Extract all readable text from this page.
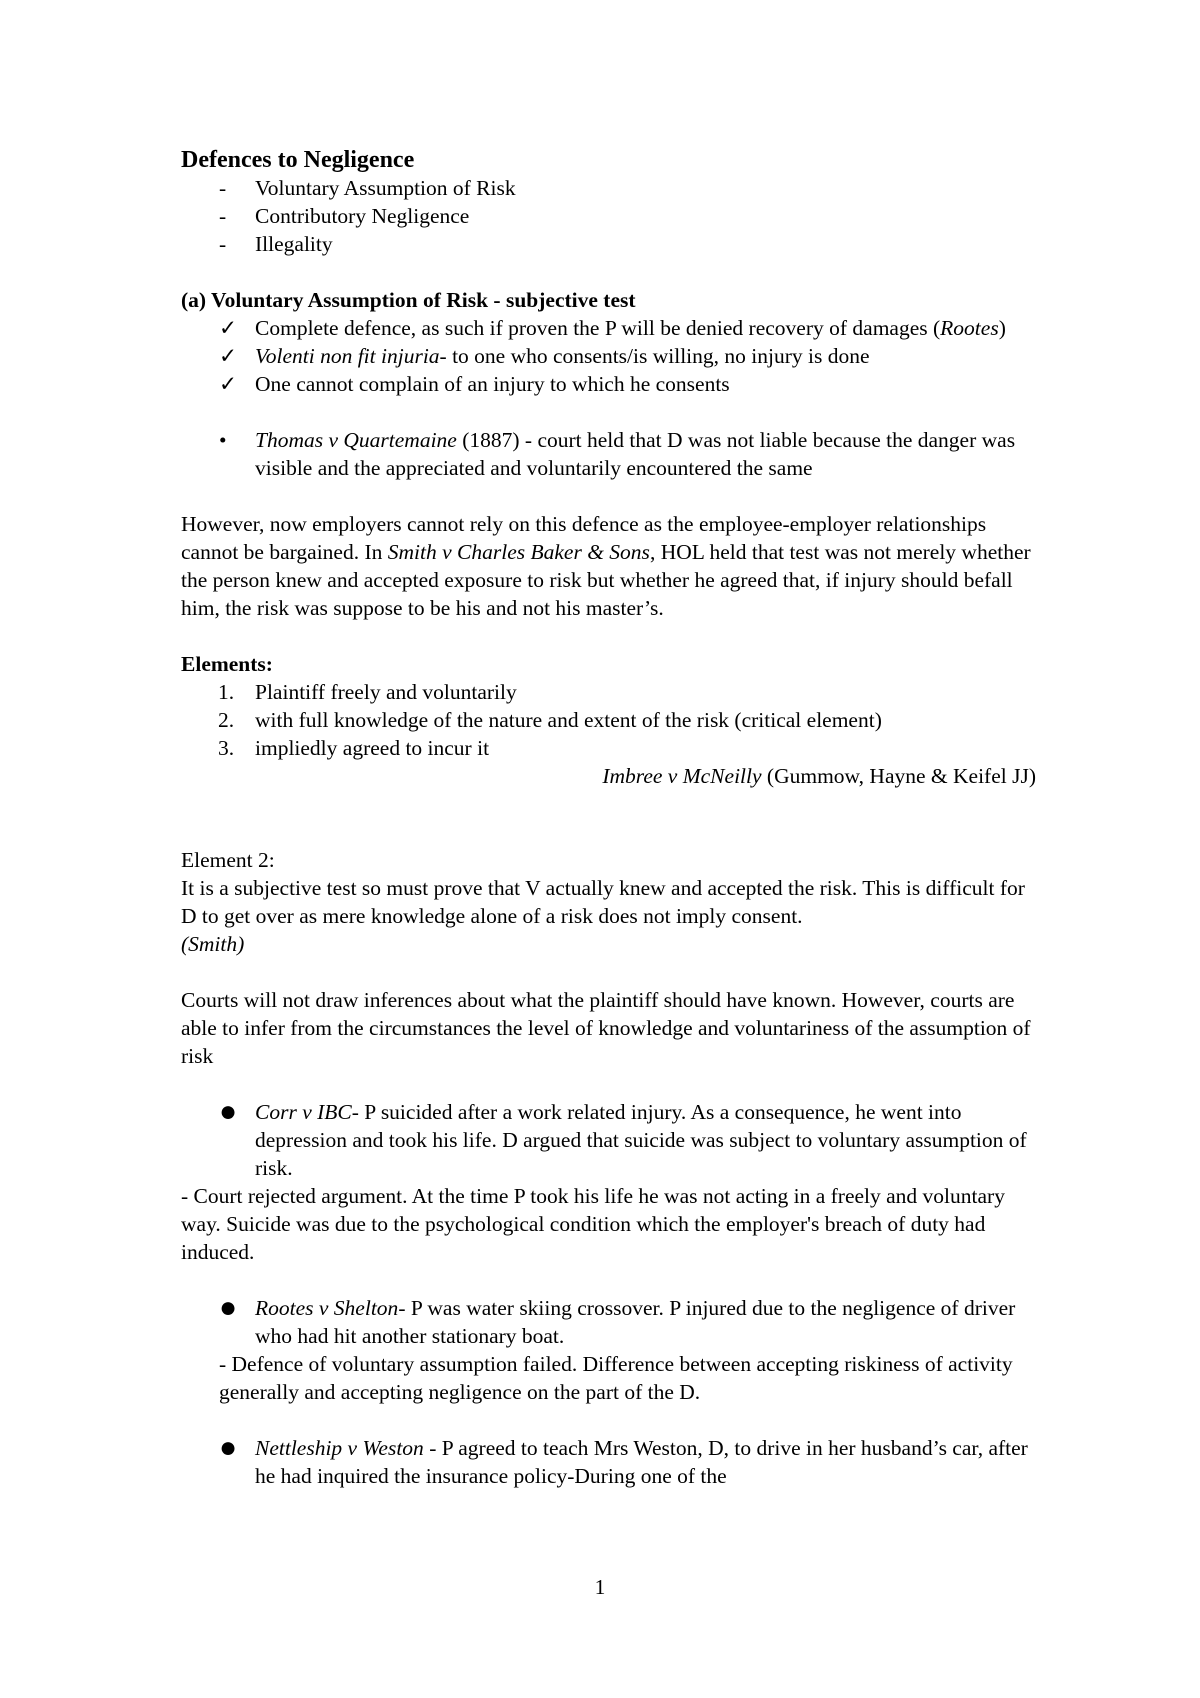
Defences to Negligence

-	Voluntary Assumption of Risk
-	Contributory Negligence
-	Illegality

(a) Voluntary Assumption of Risk - subjective test

✓ Complete defence, as such if proven the P will be denied recovery of damages (Rootes)
✓ Volenti non fit injuria- to one who consents/is willing, no injury is done
✓ One cannot complain of an injury to which he consents
•	Thomas v Quartemaine (1887) - court held that D was not liable because the danger was visible and the appreciated and voluntarily encountered the same

However, now employers cannot rely on this defence as the employee-employer relationships cannot be bargained. In Smith v Charles Baker & Sons, HOL held that test was not merely whether the person knew and accepted exposure to risk but whether he agreed that, if injury should befall him, the risk was suppose to be his and not his master’s.

Elements:

1. Plaintiff freely and voluntarily
2. with full knowledge of the nature and extent of the risk (critical element)
3. impliedly agreed to incur it

Imbree v McNeilly (Gummow, Hayne & Keifel JJ)

Element 2:

It is a subjective test so must prove that V actually knew and accepted the risk. This is difficult for D to get over as mere knowledge alone of a risk does not imply consent.

(Smith)

Courts will not draw inferences about what the plaintiff should have known. However, courts are able to infer from the circumstances the level of knowledge and voluntariness of the assumption of risk

● Corr v IBC- P suicided after a work related injury. As a consequence, he went into depression and took his life. D argued that suicide was subject to voluntary assumption of risk.

- Court rejected argument. At the time P took his life he was not acting in a freely and voluntary way. Suicide was due to the psychological condition which the employer's breach of duty had induced.

● Rootes v Shelton- P was water skiing crossover. P injured due to the negligence of driver who had hit another stationary boat.

- Defence of voluntary assumption failed. Difference between accepting riskiness of activity generally and accepting negligence on the part of the D.

● Nettleship v Weston - P agreed to teach Mrs Weston, D, to drive in her husband’s car, after he had inquired the insurance policy-During one of the
1
